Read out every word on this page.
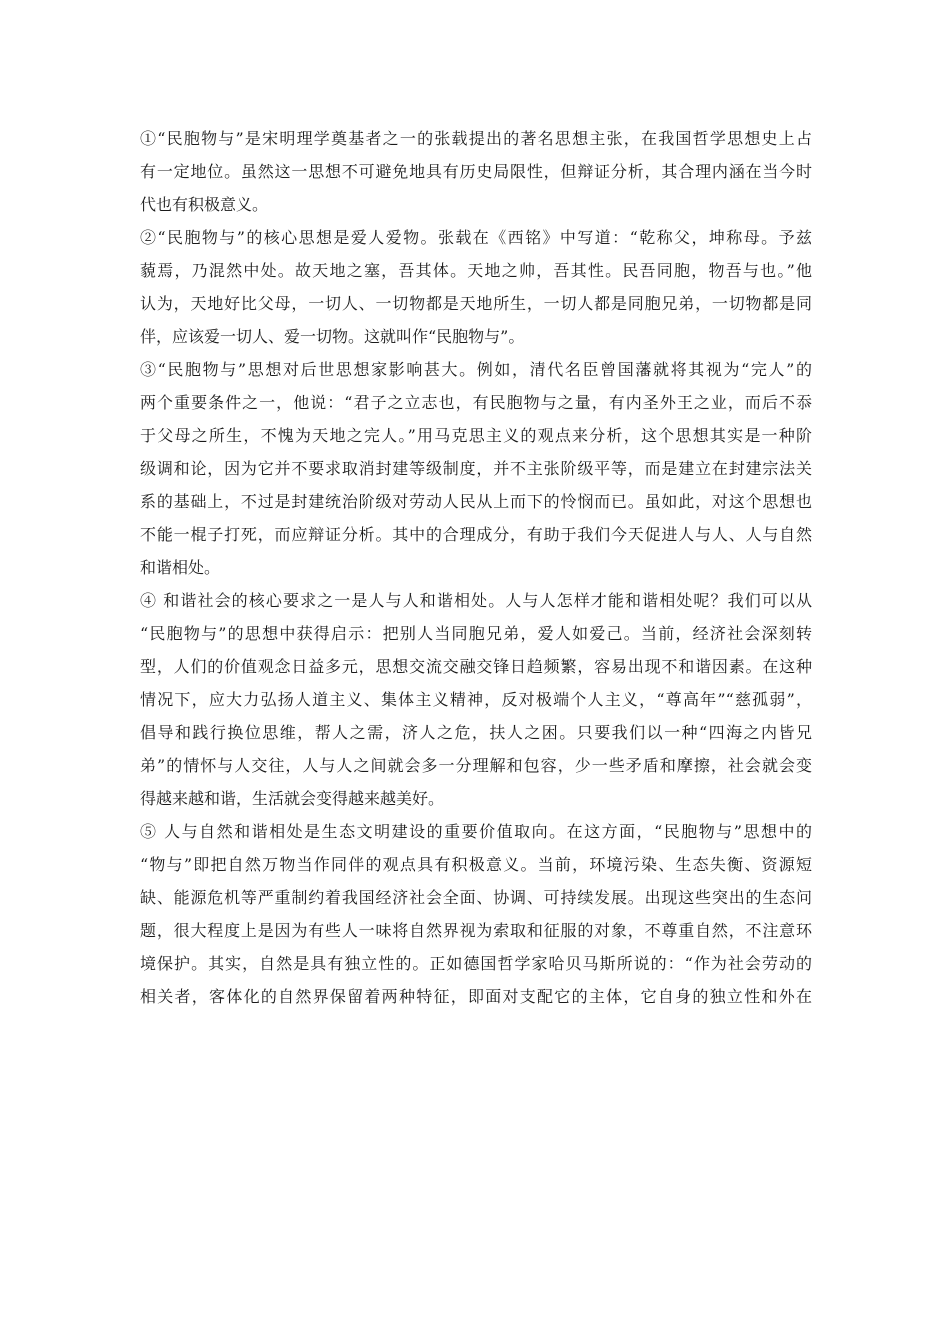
①“民胞物与”是宋明理学奠基者之一的张载提出的著名思想主张，在我国哲学思想史上占
有一定地位。虽然这一思想不可避免地具有历史局限性，但辩证分析，其合理内涵在当今时
代也有积极意义。
②“民胞物与”的核心思想是爱人爱物。张载在《西铭》中写道：“乾称父，坤称母。予兹
藐焉，乃混然中处。故天地之塞，吾其体。天地之帅，吾其性。民吾同胞，物吾与也。”他
认为，天地好比父母，一切人、一切物都是天地所生，一切人都是同胞兄弟，一切物都是同
伴，应该爱一切人、爱一切物。这就叫作“民胞物与”。
③“民胞物与”思想对后世思想家影响甚大。例如，清代名臣曾国藩就将其视为“完人”的
两个重要条件之一，他说：“君子之立志也，有民胞物与之量，有内圣外王之业，而后不忝
于父母之所生，不愧为天地之完人。”用马克思主义的观点来分析，这个思想其实是一种阶
级调和论，因为它并不要求取消封建等级制度，并不主张阶级平等，而是建立在封建宗法关
系的基础上，不过是封建统治阶级对劳动人民从上而下的怜悯而已。虽如此，对这个思想也
不能一棍子打死，而应辩证分析。其中的合理成分，有助于我们今天促进人与人、人与自然
和谐相处。
④ 和谐社会的核心要求之一是人与人和谐相处。人与人怎样才能和谐相处呢？我们可以从
“民胞物与”的思想中获得启示：把别人当同胞兄弟，爱人如爱己。当前，经济社会深刻转
型，人们的价值观念日益多元，思想交流交融交锋日趋频繁，容易出现不和谐因素。在这种
情况下，应大力弘扬人道主义、集体主义精神，反对极端个人主义，“尊高年”“慈孤弱”，
倡导和践行换位思维，帮人之需，济人之危，扶人之困。只要我们以一种“四海之内皆兄
弟”的情怀与人交往，人与人之间就会多一分理解和包容，少一些矛盾和摩擦，社会就会变
得越来越和谐，生活就会变得越来越美好。
⑤ 人与自然和谐相处是生态文明建设的重要价值取向。在这方面，“民胞物与”思想中的
“物与”即把自然万物当作同伴的观点具有积极意义。当前，环境污染、生态失衡、资源短
缺、能源危机等严重制约着我国经济社会全面、协调、可持续发展。出现这些突出的生态问
题，很大程度上是因为有些人一味将自然界视为索取和征服的对象，不尊重自然，不注意环
境保护。其实，自然是具有独立性的。正如德国哲学家哈贝马斯所说的：“作为社会劳动的
相关者，客体化的自然界保留着两种特征，即面对支配它的主体，它自身的独立性和外在
